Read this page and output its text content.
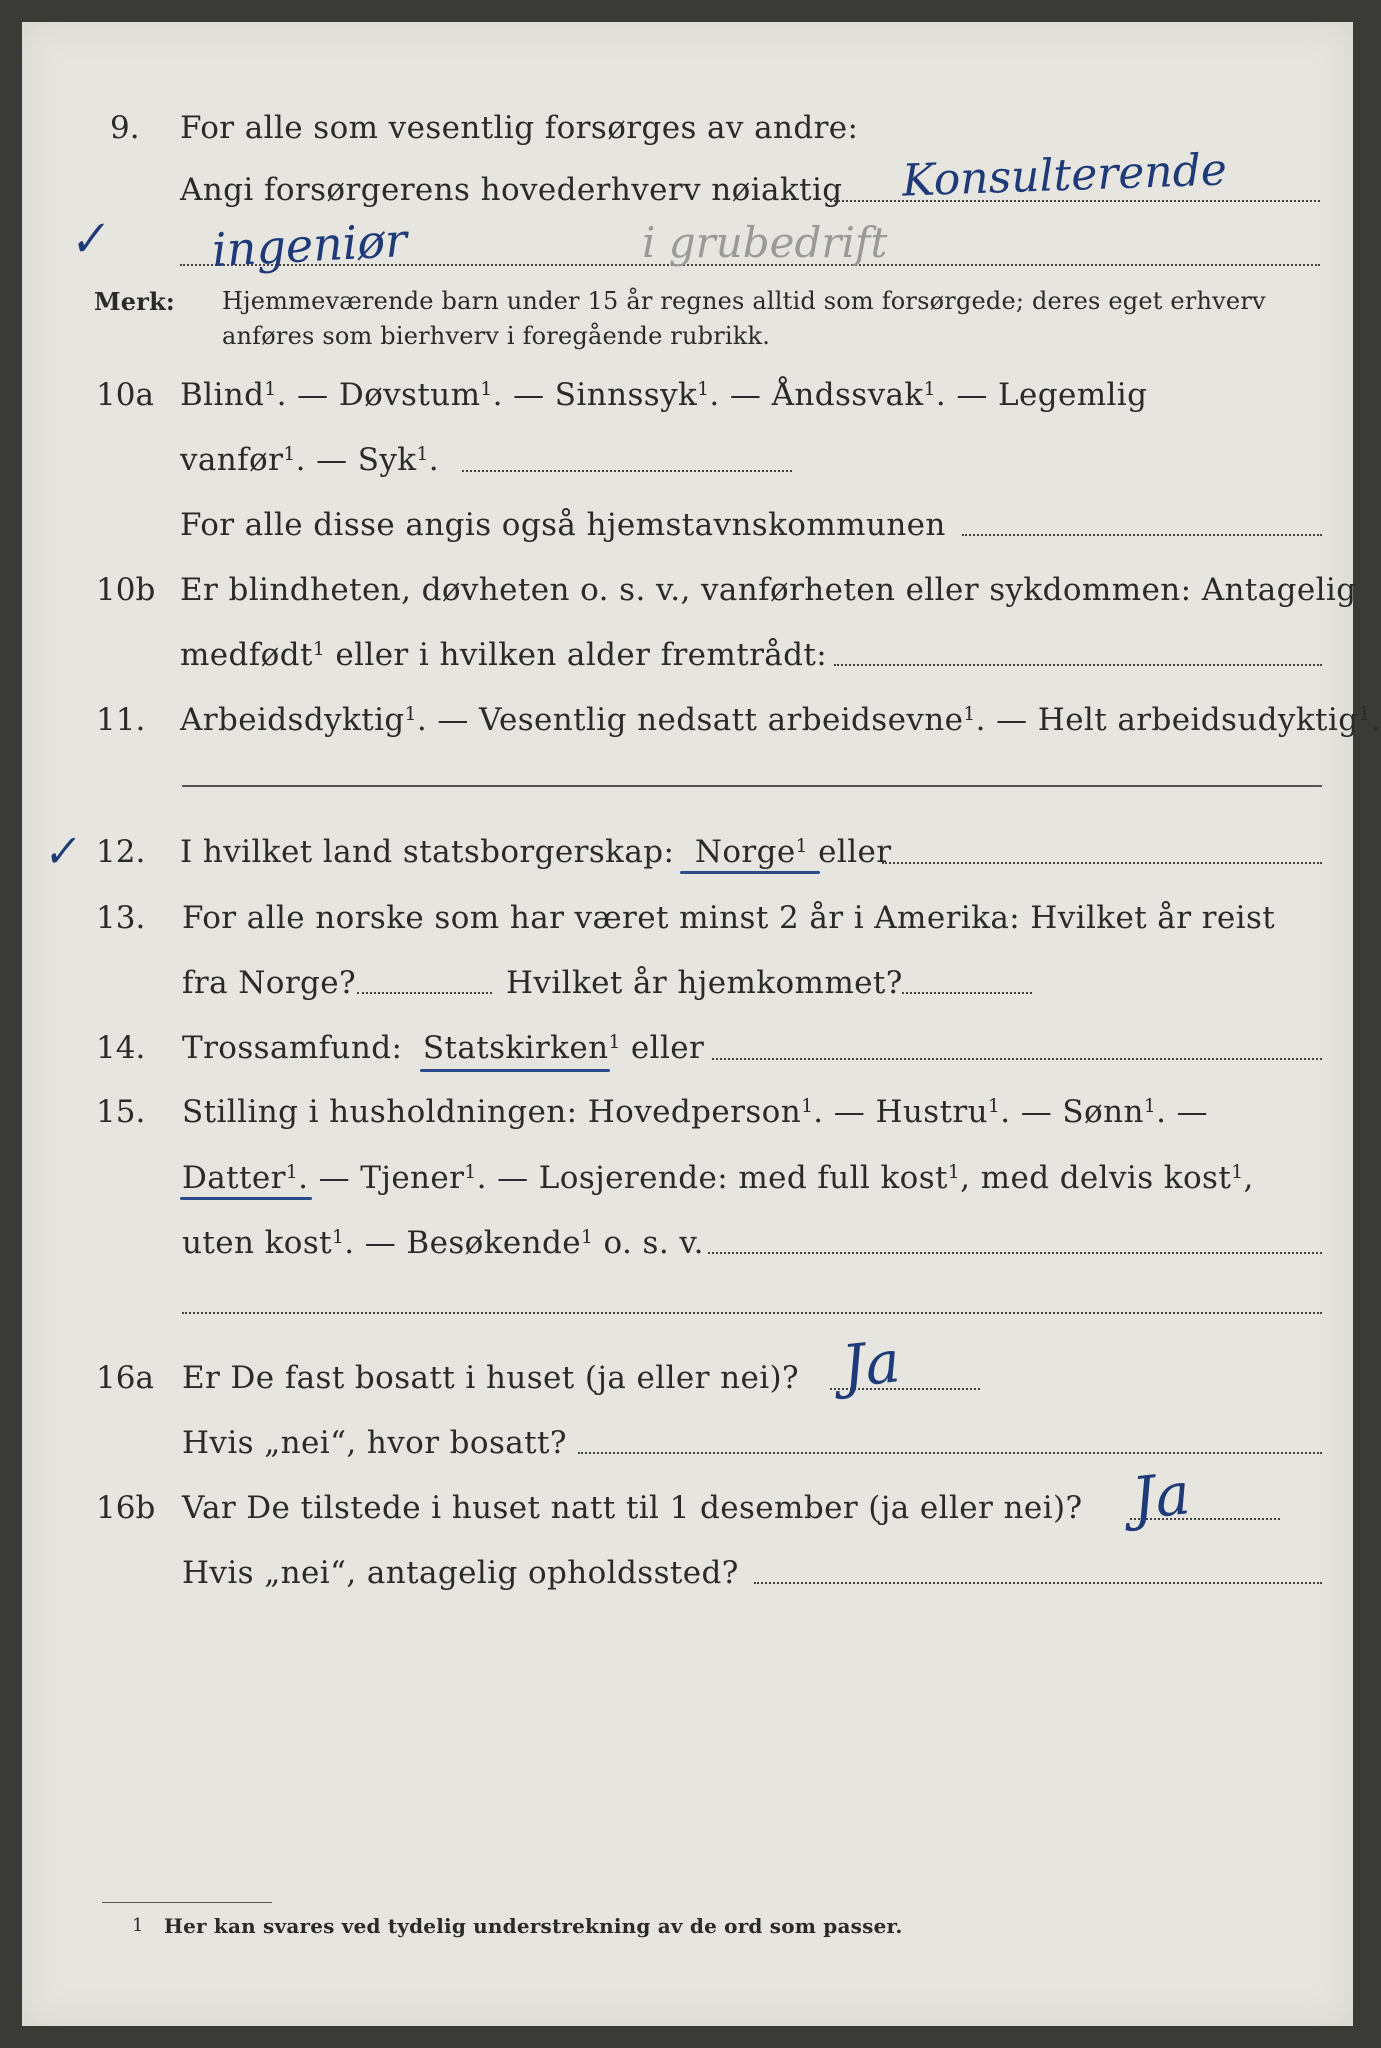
9. For alle som vesentlig forsørges av andre:
Angi forsørgerens hovederhverv nøiaktig Konsulterende
✓ ingeniør	i grubedrift
Merk: Hjemmeværende barn under 15 år regnes alltid som forsørgede; deres eget erhverv
anføres som bierhverv i foregående rubrikk.
10a Blind$^1$. — Døvstum$^1$. — Sinnssyk$^1$. — Åndssvak$^1$. — Legemlig
vanfør$^1$. — Syk$^1$.
For alle disse angis også hjemstavnskommunen
10b Er blindheten, døvheten o. s. v., vanførheten eller sykdommen: Antagelig
medfødt$^1$ eller i hvilken alder fremtrådt:
11. Arbeidsdyktig$^1$. — Vesentlig nedsatt arbeidsevne$^1$. — Helt arbeidsudyktig$^1$.
✓ 12. I hvilket land statsborgerskap: Norge$^1$ eller
13. For alle norske som har været minst 2 år i Amerika: Hvilket år reist
fra Norge?	Hvilket år hjemkommet?
14. Trossamfund: Statskirken$^1$ eller
15. Stilling i husholdningen: Hovedperson$^1$. — Hustru$^1$. — Sønn$^1$. —
Datter$^1$. — Tjener$^1$. — Losjerende: med full kost$^1$, med delvis kost$^1$,
uten kost$^1$. — Besøkende$^1$ o. s. v.
16a Er De fast bosatt i huset (ja eller nei)? Ja
Hvis „nei“, hvor bosatt?
16b Var De tilstede i huset natt til 1 desember (ja eller nei)? Ja
Hvis „nei“, antagelig opholdssted?
1 Her kan svares ved tydelig understrekning av de ord som passer.
